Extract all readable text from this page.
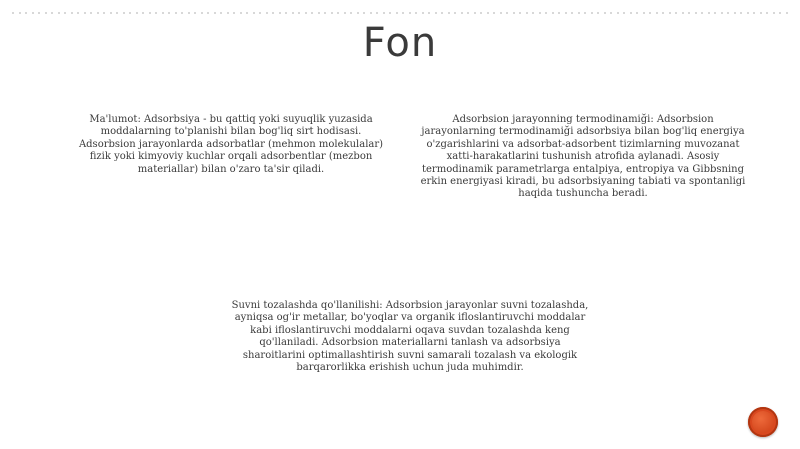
Fon
Ma'lumot: Adsorbsiya - bu qattiq yoki suyuqlik yuzasida moddalarning to'planishi bilan bog'liq sirt hodisasi. Adsorbsion jarayonlarda adsorbatlar (mehmon molekulalar) fizik yoki kimyoviy kuchlar orqali adsorbentlar (mezbon materiallar) bilan o'zaro ta'sir qiladi.
Adsorbsion jarayonning termodinamiği: Adsorbsion jarayonlarning termodinamiği adsorbsiya bilan bog'liq energiya o'zgarishlarini va adsorbat-adsorbent tizimlarning muvozanat xatti-harakatlarini tushunish atrofida aylanadi. Asosiy termodinamik parametrlarga entalpiya, entropiya va Gibbsning erkin energiyasi kiradi, bu adsorbsiyaning tabiati va spontanligi haqida tushuncha beradi.
Suvni tozalashda qo'llanilishi: Adsorbsion jarayonlar suvni tozalashda, ayniqsa og'ir metallar, bo'yoqlar va organik ifloslantiruvchi moddalar kabi ifloslantiruvchi moddalarni oqava suvdan tozalashda keng qo'llaniladi. Adsorbsion materiallarni tanlash va adsorbsiya sharoitlarini optimallashtirish suvni samarali tozalash va ekologik barqarorlikka erishish uchun juda muhimdir.
